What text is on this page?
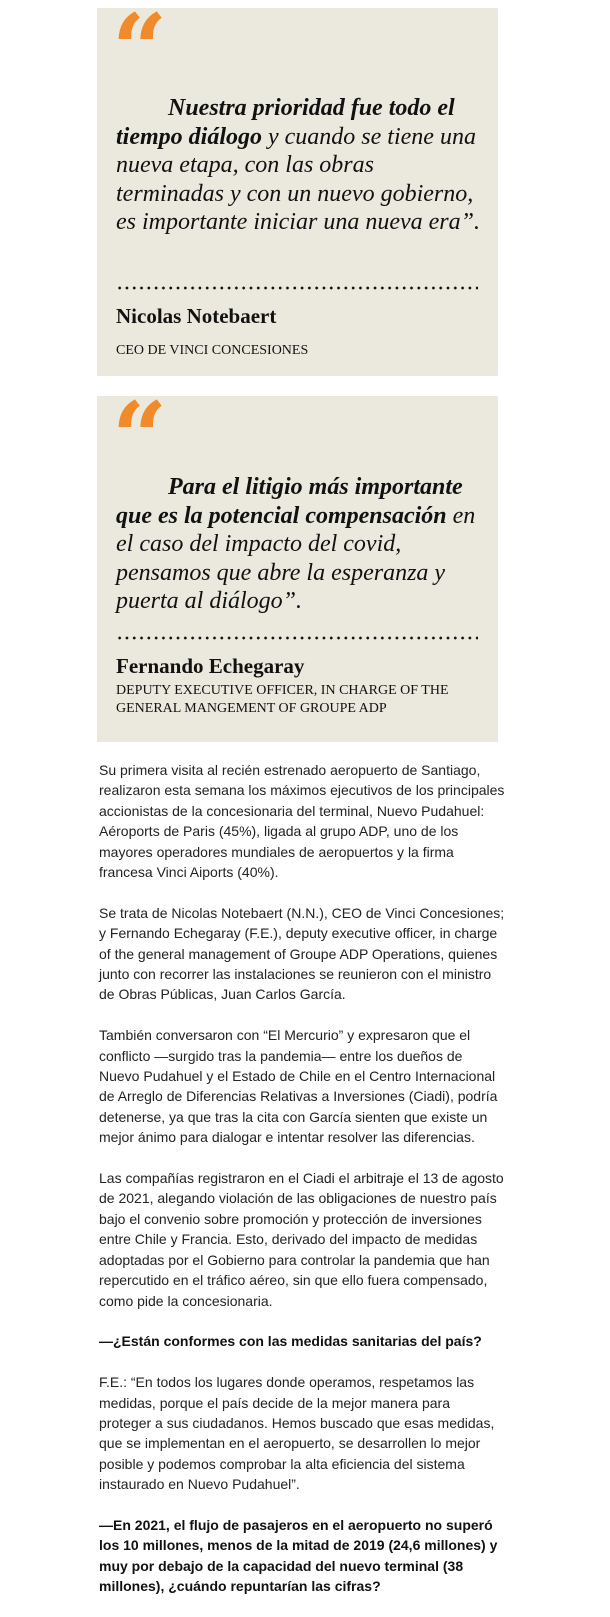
“
Nuestra prioridad fue todo el tiempo diálogo y cuando se tiene una nueva etapa, con las obras terminadas y con un nuevo gobierno, es importante iniciar una nueva era”.
Nicolas Notebaert
CEO DE VINCI CONCESIONES
“ Para el litigio más importante que es la potencial compensación en el caso del impacto del covid, pensamos que abre la esperanza y puerta al diálogo”.
Fernando Echegaray
DEPUTY EXECUTIVE OFFICER, IN CHARGE OF THE GENERAL MANGEMENT OF GROUPE ADP

Su primera visita al recién estrenado aeropuerto de Santiago, realizaron esta semana los máximos ejecutivos de los principales accionistas de la concesionaria del terminal, Nuevo Pudahuel: Aéroports de Paris (45%), ligada al grupo ADP, uno de los mayores operadores mundiales de aeropuertos y la firma francesa Vinci Aiports (40%).

Se trata de Nicolas Notebaert (N.N.), CEO de Vinci Concesiones; y Fernando Echegaray (F.E.), deputy executive officer, in charge of the general management of Groupe ADP Operations, quienes junto con recorrer las instalaciones se reunieron con el ministro de Obras Públicas, Juan Carlos García.

También conversaron con “El Mercurio” y expresaron que el conflicto —surgido tras la pandemia— entre los dueños de Nuevo Pudahuel y el Estado de Chile en el Centro Internacional de Arreglo de Diferencias Relativas a Inversiones (Ciadi), podría detenerse, ya que tras la cita con García sienten que existe un mejor ánimo para dialogar e intentar resolver las diferencias.

Las compañías registraron en el Ciadi el arbitraje el 13 de agosto de 2021, alegando violación de las obligaciones de nuestro país bajo el convenio sobre promoción y protección de inversiones entre Chile y Francia. Esto, derivado del impacto de medidas adoptadas por el Gobierno para controlar la pandemia que han repercutido en el tráfico aéreo, sin que ello fuera compensado, como pide la concesionaria.

—¿Están conformes con las medidas sanitarias del país?

F.E.: “En todos los lugares donde operamos, respetamos las medidas, porque el país decide de la mejor manera para proteger a sus ciudadanos. Hemos buscado que esas medidas, que se implementan en el aeropuerto, se desarrollen lo mejor posible y podemos comprobar la alta eficiencia del sistema instaurado en Nuevo Pudahuel”.

—En 2021, el flujo de pasajeros en el aeropuerto no superó los 10 millones, menos de la mitad de 2019 (24,6 millones) y muy por debajo de la capacidad del nuevo terminal (38 millones), ¿cuándo repuntarían las cifras?
